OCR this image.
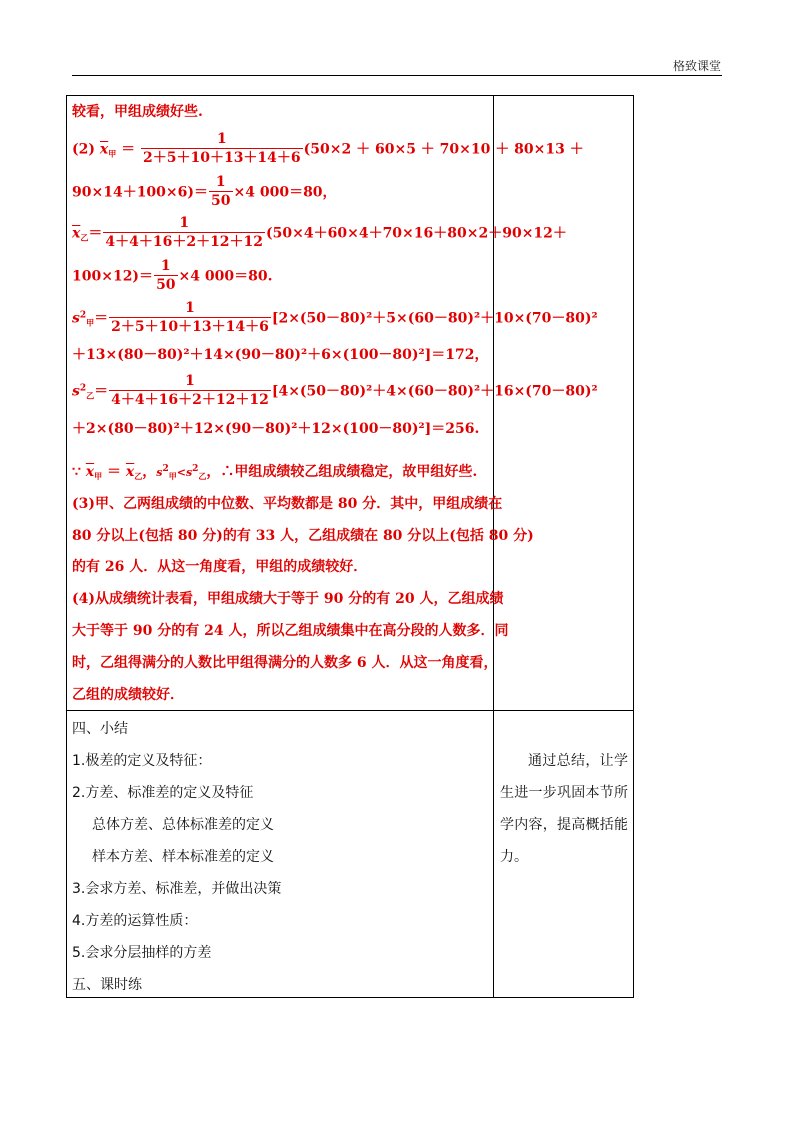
格致课堂
较看，甲组成绩好些.
(2) $\overline{x}_甲 = \frac{1}{2+5+10+13+14+6} (50\times 2 + 60\times 5 + 70\times 10 + 80\times 13$ ＋
$90\times 14+100\times 6)= \frac{1}{50} \times 4$ 000＝80，
$\overline{x}_乙= \frac{1}{4+4+16+2+12+12} (50\times 4+60\times 4+70\times 16+80\times 2+90\times 12+$
$100\times 12)= \frac{1}{50} \times 4$ 000＝80.
$s^2_甲= \frac{1}{2+5+10+13+14+6} [2\times(50-80)^2+5\times(60-80)^2+10\times(70-80)^2$
＋13×(80－80)²＋14×(90－80)²＋6×(100－80)²]＝172，
$s^2_乙= \frac{1}{4+4+16+2+12+12} [4\times(50-80)^2+4\times(60-80)^2+16\times(70-80)^2$
＋2×(80－80)²＋12×(90－80)²＋12×(100－80)²]＝256.
∵ $\overline{x}_甲 = \overline{x}_乙$，$s^2_甲<s^2_乙$，∴甲组成绩较乙组成绩稳定，故甲组好些.
(3)甲、乙两组成绩的中位数、平均数都是 80 分．其中，甲组成绩在
80 分以上(包括 80 分)的有 33 人，乙组成绩在 80 分以上(包括 80 分)
的有 26 人．从这一角度看，甲组的成绩较好．
(4)从成绩统计表看，甲组成绩大于等于 90 分的有 20 人，乙组成绩
大于等于 90 分的有 24 人，所以乙组成绩集中在高分段的人数多．同
时，乙组得满分的人数比甲组得满分的人数多 6 人．从这一角度看，
乙组的成绩较好．
四、小结
1.极差的定义及特征：
2.方差、标准差的定义及特征
总体方差、总体标准差的定义
样本方差、样本标准差的定义
3.会求方差、标准差，并做出决策
4.方差的运算性质：
5.会求分层抽样的方差
五、课时练
通过总结，让学生进一步巩固本节所学内容，提高概括能力。
